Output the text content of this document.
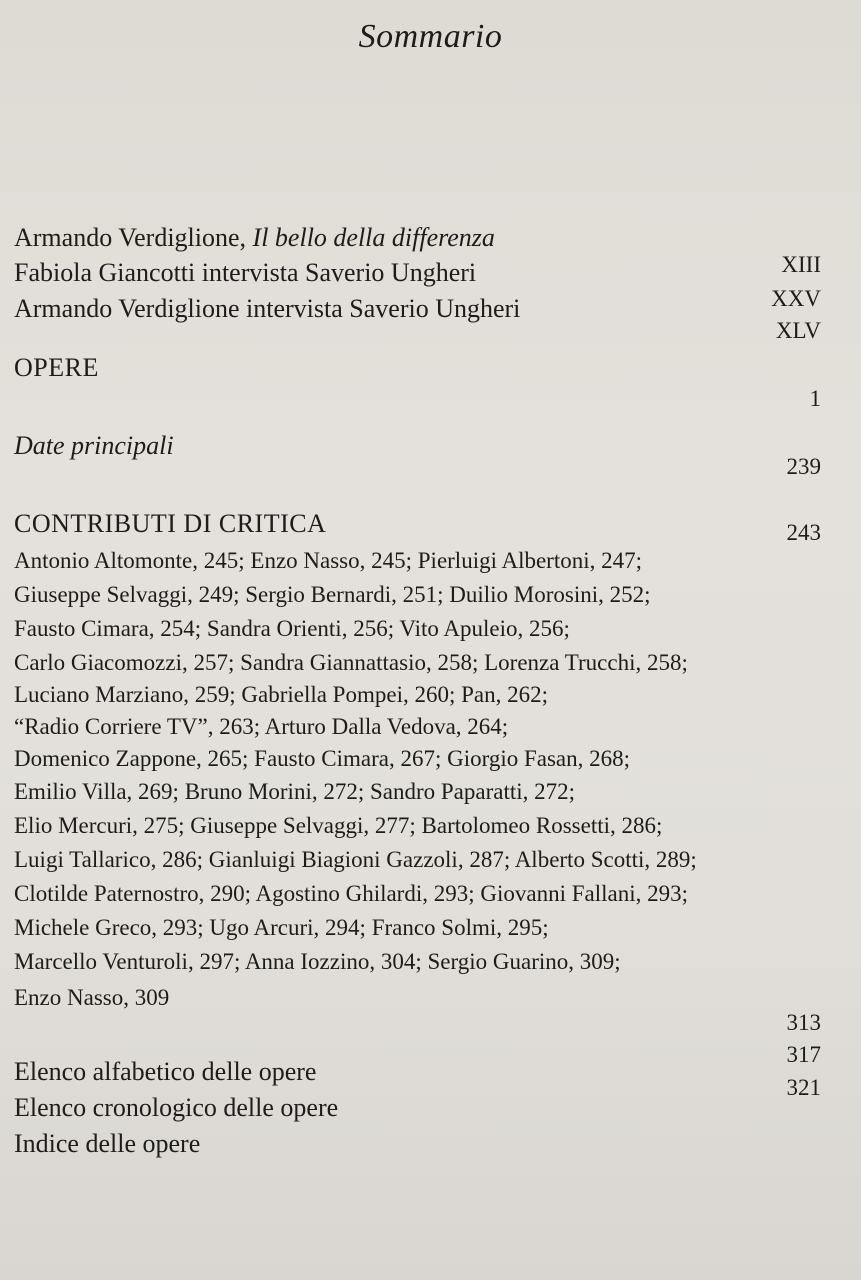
Sommario
Armando Verdiglione, Il bello della differenza
Fabiola Giancotti intervista Saverio Ungheri
Armando Verdiglione intervista Saverio Ungheri
OPERE
Date principali
CONTRIBUTI DI CRITICA
Antonio Altomonte, 245; Enzo Nasso, 245; Pierluigi Albertoni, 247;
Giuseppe Selvaggi, 249; Sergio Bernardi, 251; Duilio Morosini, 252;
Fausto Cimara, 254; Sandra Orienti, 256; Vito Apuleio, 256;
Carlo Giacomozzi, 257; Sandra Giannattasio, 258; Lorenza Trucchi, 258;
Luciano Marziano, 259; Gabriella Pompei, 260; Pan, 262;
“Radio Corriere TV”, 263; Arturo Dalla Vedova, 264;
Domenico Zappone, 265; Fausto Cimara, 267; Giorgio Fasan, 268;
Emilio Villa, 269; Bruno Morini, 272; Sandro Paparatti, 272;
Elio Mercuri, 275; Giuseppe Selvaggi, 277; Bartolomeo Rossetti, 286;
Luigi Tallarico, 286; Gianluigi Biagioni Gazzoli, 287; Alberto Scotti, 289;
Clotilde Paternostro, 290; Agostino Ghilardi, 293; Giovanni Fallani, 293;
Michele Greco, 293; Ugo Arcuri, 294; Franco Solmi, 295;
Marcello Venturoli, 297; Anna Iozzino, 304; Sergio Guarino, 309;
Enzo Nasso, 309
Elenco alfabetico delle opere
Elenco cronologico delle opere
Indice delle opere
XIII
XXV
XLV
1
239
243
313
317
321
